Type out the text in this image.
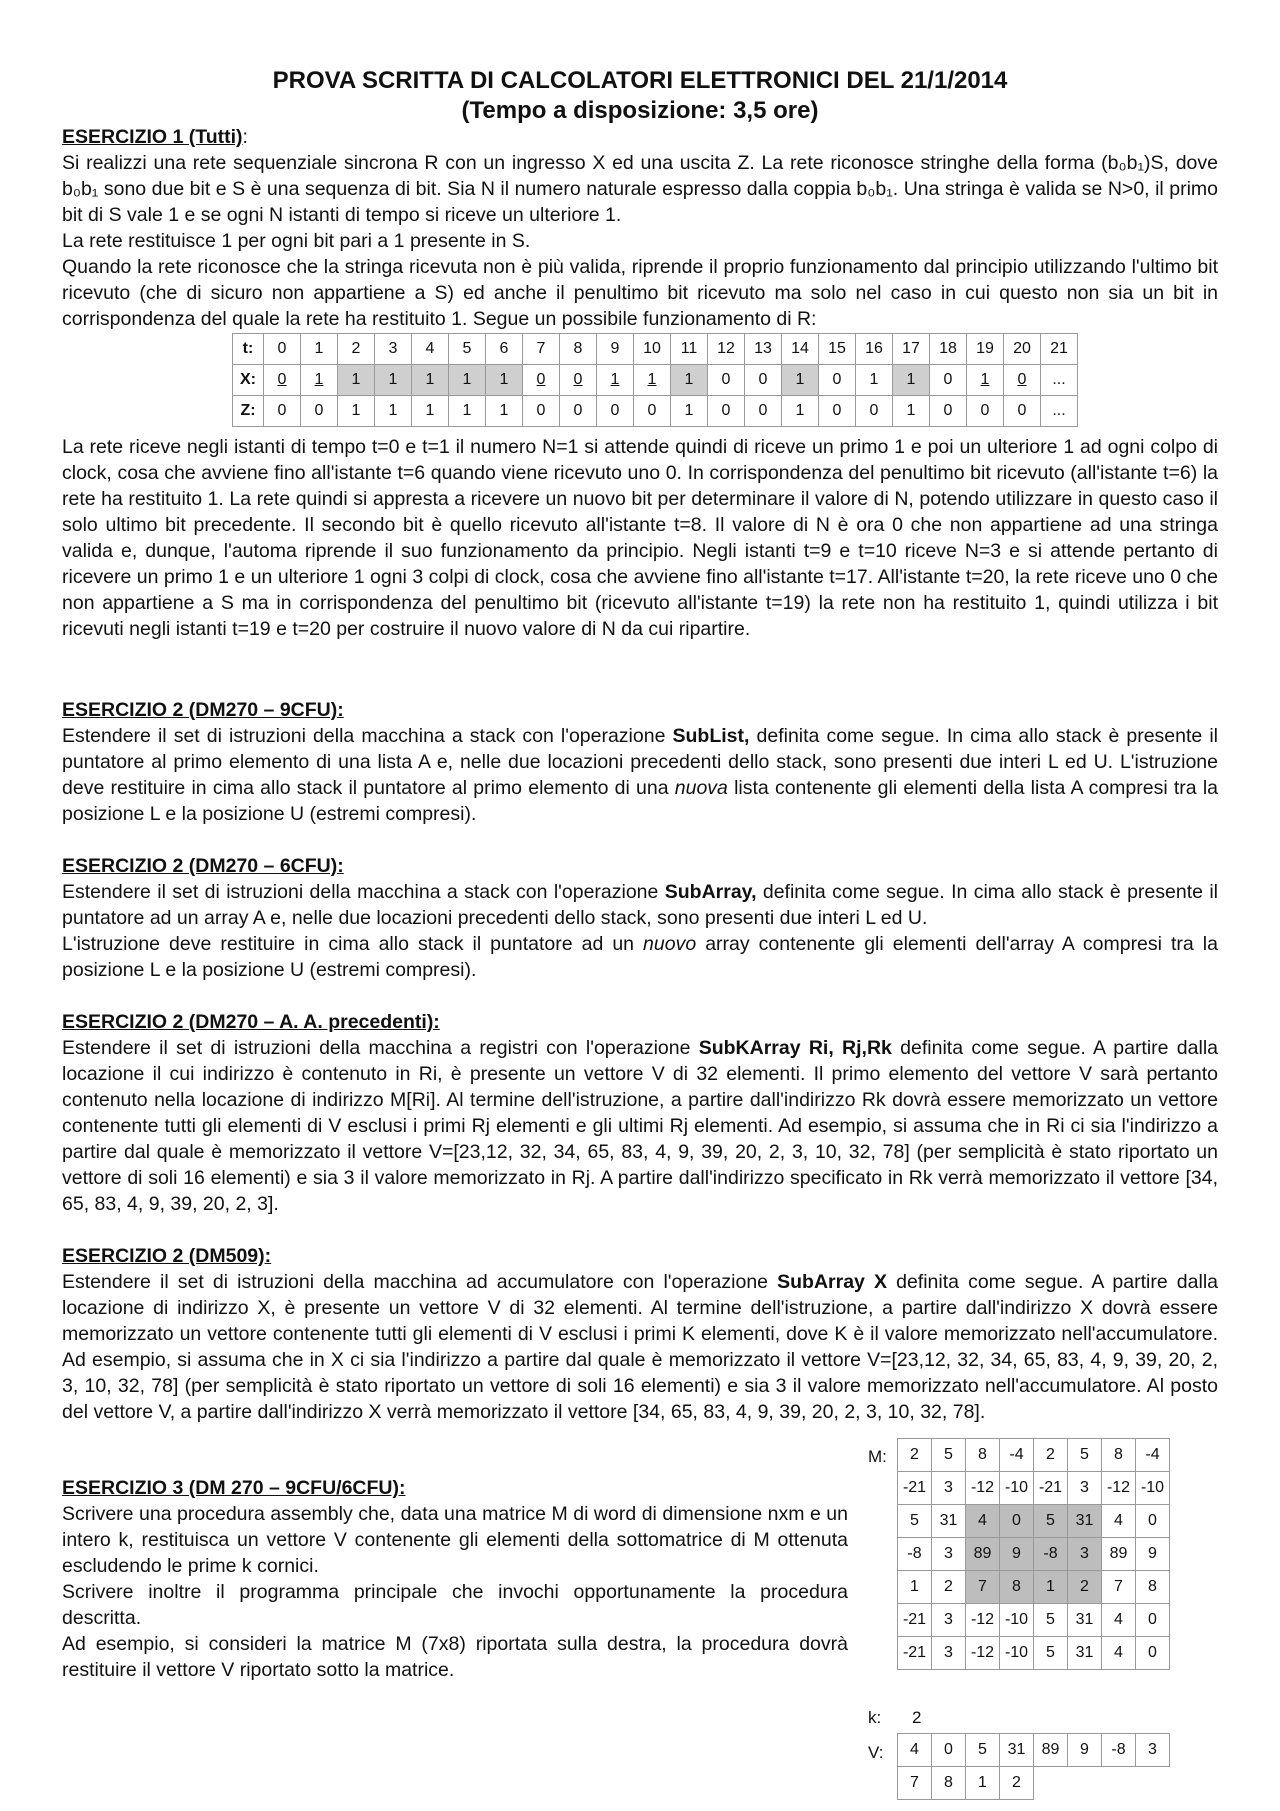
PROVA SCRITTA DI CALCOLATORI ELETTRONICI DEL 21/1/2014
(Tempo a disposizione: 3,5 ore)

ESERCIZIO 1 (Tutti):

Si realizzi una rete sequenziale sincrona R con un ingresso X ed una uscita Z. La rete riconosce stringhe della forma (b₀b₁)S, dove b₀b₁ sono due bit e S è una sequenza di bit. Sia N il numero naturale espresso dalla coppia b₀b₁. Una stringa è valida se N>0, il primo bit di S vale 1 e se ogni N istanti di tempo si riceve un ulteriore 1.

La rete restituisce 1 per ogni bit pari a 1 presente in S.

Quando la rete riconosce che la stringa ricevuta non è più valida, riprende il proprio funzionamento dal principio utilizzando l'ultimo bit ricevuto (che di sicuro non appartiene a S) ed anche il penultimo bit ricevuto ma solo nel caso in cui questo non sia un bit in corrispondenza del quale la rete ha restituito 1. Segue un possibile funzionamento di R:

t:	0	1	2	3	4	5	6	7	8	9	10	11	12	13	14	15	16	17	18	19	20	21
X:	0	1	1	1	1	1	1	0	0	1	1	1	0	0	1	0	1	1	0	1	0	...
Z:	0	0	1	1	1	1	1	0	0	0	0	1	0	0	1	0	0	1	0	0	0	...

La rete riceve negli istanti di tempo t=0 e t=1 il numero N=1 si attende quindi di riceve un primo 1 e poi un ulteriore 1 ad ogni colpo di clock, cosa che avviene fino all'istante t=6 quando viene ricevuto uno 0. In corrispondenza del penultimo bit ricevuto (all'istante t=6) la rete ha restituito 1. La rete quindi si appresta a ricevere un nuovo bit per determinare il valore di N, potendo utilizzare in questo caso il solo ultimo bit precedente. Il secondo bit è quello ricevuto all'istante t=8. Il valore di N è ora 0 che non appartiene ad una stringa valida e, dunque, l'automa riprende il suo funzionamento da principio. Negli istanti t=9 e t=10 riceve N=3 e si attende pertanto di ricevere un primo 1 e un ulteriore 1 ogni 3 colpi di clock, cosa che avviene fino all'istante t=17. All'istante t=20, la rete riceve uno 0 che non appartiene a S ma in corrispondenza del penultimo bit (ricevuto all'istante t=19) la rete non ha restituito 1, quindi utilizza i bit ricevuti negli istanti t=19 e t=20 per costruire il nuovo valore di N da cui ripartire.

ESERCIZIO 2 (DM270 – 9CFU):

Estendere il set di istruzioni della macchina a stack con l'operazione SubList, definita come segue. In cima allo stack è presente il puntatore al primo elemento di una lista A e, nelle due locazioni precedenti dello stack, sono presenti due interi L ed U. L'istruzione deve restituire in cima allo stack il puntatore al primo elemento di una nuova lista contenente gli elementi della lista A compresi tra la posizione L e la posizione U (estremi compresi).

ESERCIZIO 2 (DM270 – 6CFU):

Estendere il set di istruzioni della macchina a stack con l'operazione SubArray, definita come segue. In cima allo stack è presente il puntatore ad un array A e, nelle due locazioni precedenti dello stack, sono presenti due interi L ed U.

L'istruzione deve restituire in cima allo stack il puntatore ad un nuovo array contenente gli elementi dell'array A compresi tra la posizione L e la posizione U (estremi compresi).

ESERCIZIO 2 (DM270 – A. A. precedenti):

Estendere il set di istruzioni della macchina a registri con l'operazione SubKArray Ri, Rj,Rk definita come segue. A partire dalla locazione il cui indirizzo è contenuto in Ri, è presente un vettore V di 32 elementi. Il primo elemento del vettore V sarà pertanto contenuto nella locazione di indirizzo M[Ri]. Al termine dell'istruzione, a partire dall'indirizzo Rk dovrà essere memorizzato un vettore contenente tutti gli elementi di V esclusi i primi Rj elementi e gli ultimi Rj elementi. Ad esempio, si assuma che in Ri ci sia l'indirizzo a partire dal quale è memorizzato il vettore V=[23,12, 32, 34, 65, 83, 4, 9, 39, 20, 2, 3, 10, 32, 78] (per semplicità è stato riportato un vettore di soli 16 elementi) e sia 3 il valore memorizzato in Rj. A partire dall'indirizzo specificato in Rk verrà memorizzato il vettore [34, 65, 83, 4, 9, 39, 20, 2, 3].

ESERCIZIO 2 (DM509):

Estendere il set di istruzioni della macchina ad accumulatore con l'operazione SubArray X definita come segue. A partire dalla locazione di indirizzo X, è presente un vettore V di 32 elementi. Al termine dell'istruzione, a partire dall'indirizzo X dovrà essere memorizzato un vettore contenente tutti gli elementi di V esclusi i primi K elementi, dove K è il valore memorizzato nell'accumulatore. Ad esempio, si assuma che in X ci sia l'indirizzo a partire dal quale è memorizzato il vettore V=[23,12, 32, 34, 65, 83, 4, 9, 39, 20, 2, 3, 10, 32, 78] (per semplicità è stato riportato un vettore di soli 16 elementi) e sia 3 il valore memorizzato nell'accumulatore. Al posto del vettore V, a partire dall'indirizzo X verrà memorizzato il vettore [34, 65, 83, 4, 9, 39, 20, 2, 3, 10, 32, 78].

ESERCIZIO 3 (DM 270 – 9CFU/6CFU):

Scrivere una procedura assembly che, data una matrice M di word di dimensione nxm e un intero k, restituisca un vettore V contenente gli elementi della sottomatrice di M ottenuta escludendo le prime k cornici.

Scrivere inoltre il programma principale che invochi opportunamente la procedura descritta.

Ad esempio, si consideri la matrice M (7x8) riportata sulla destra, la procedura dovrà restituire il vettore V riportato sotto la matrice.

M: 2	5	8	-4	2	5	8	-4
-21	3	-12	-10	-21	3	-12	-10
5	31	4	0	5	31	4	0
-8	3	89	9	-8	3	89	9
1	2	7	8	1	2	7	8
-21	3	-12	-10	5	31	4	0
-21	3	-12	-10	5	31	4	0
k: 2
V: 4	0	5	31	89	9	-8	3
7	8	1	2				
